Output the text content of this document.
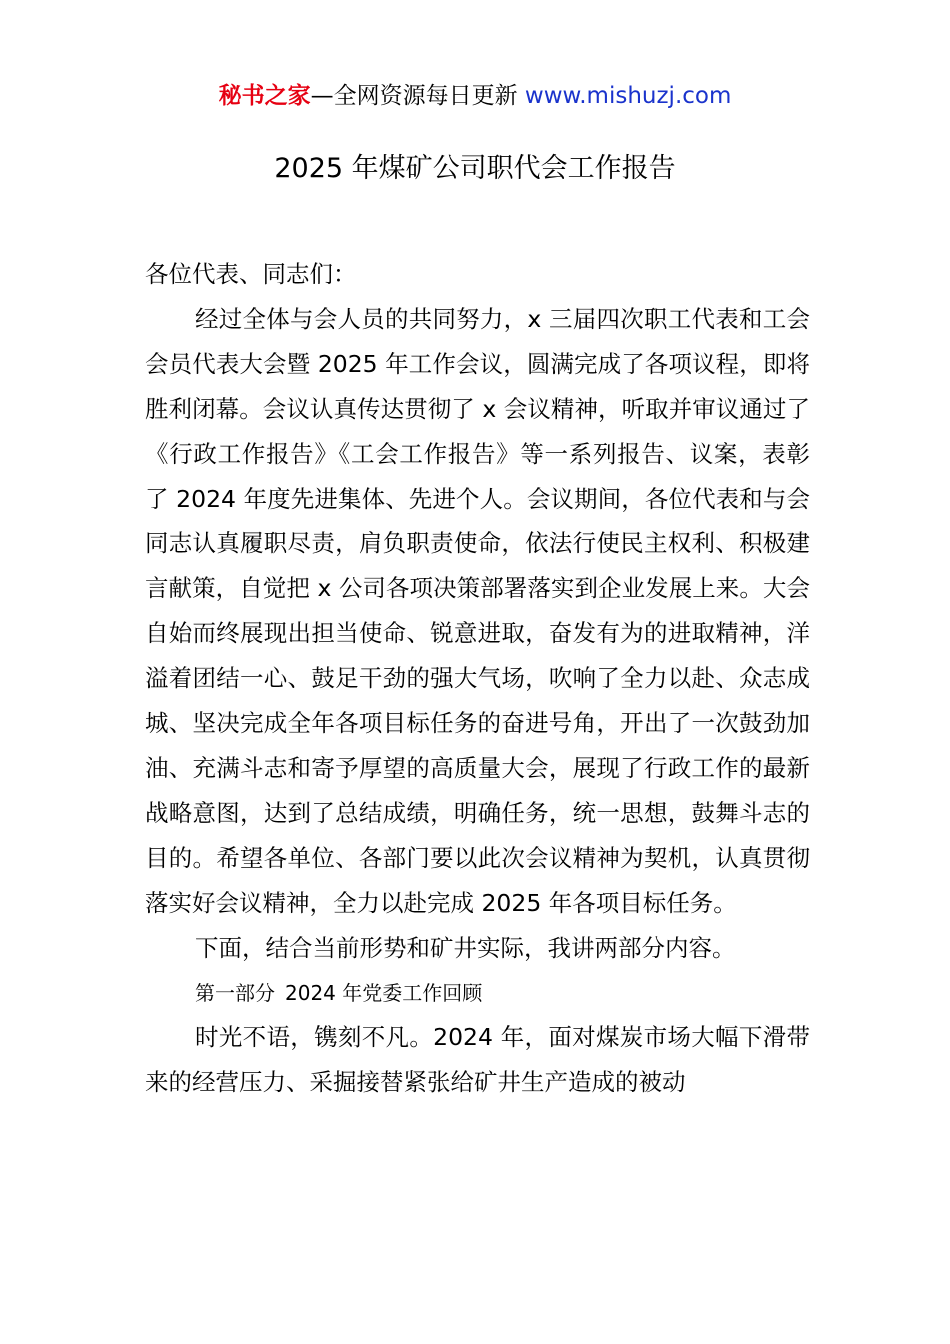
秘书之家—全网资源每日更新 www.mishuzj.com
2025 年煤矿公司职代会工作报告

各位代表、同志们：

经过全体与会人员的共同努力，x 三届四次职工代表和工会会员代表大会暨 2025 年工作会议，圆满完成了各项议程，即将胜利闭幕。会议认真传达贯彻了 x 会议精神，听取并审议通过了《行政工作报告》《工会工作报告》等一系列报告、议案，表彰了 2024 年度先进集体、先进个人。会议期间，各位代表和与会同志认真履职尽责，肩负职责使命，依法行使民主权利、积极建言献策，自觉把 x 公司各项决策部署落实到企业发展上来。大会自始而终展现出担当使命、锐意进取，奋发有为的进取精神，洋溢着团结一心、鼓足干劲的强大气场，吹响了全力以赴、众志成城、坚决完成全年各项目标任务的奋进号角，开出了一次鼓劲加油、充满斗志和寄予厚望的高质量大会，展现了行政工作的最新战略意图，达到了总结成绩，明确任务，统一思想，鼓舞斗志的目的。希望各单位、各部门要以此次会议精神为契机，认真贯彻落实好会议精神，全力以赴完成 2025 年各项目标任务。

下面，结合当前形势和矿井实际，我讲两部分内容。

第一部分 2024 年党委工作回顾

时光不语，镌刻不凡。2024 年，面对煤炭市场大幅下滑带来的经营压力、采掘接替紧张给矿井生产造成的被动
